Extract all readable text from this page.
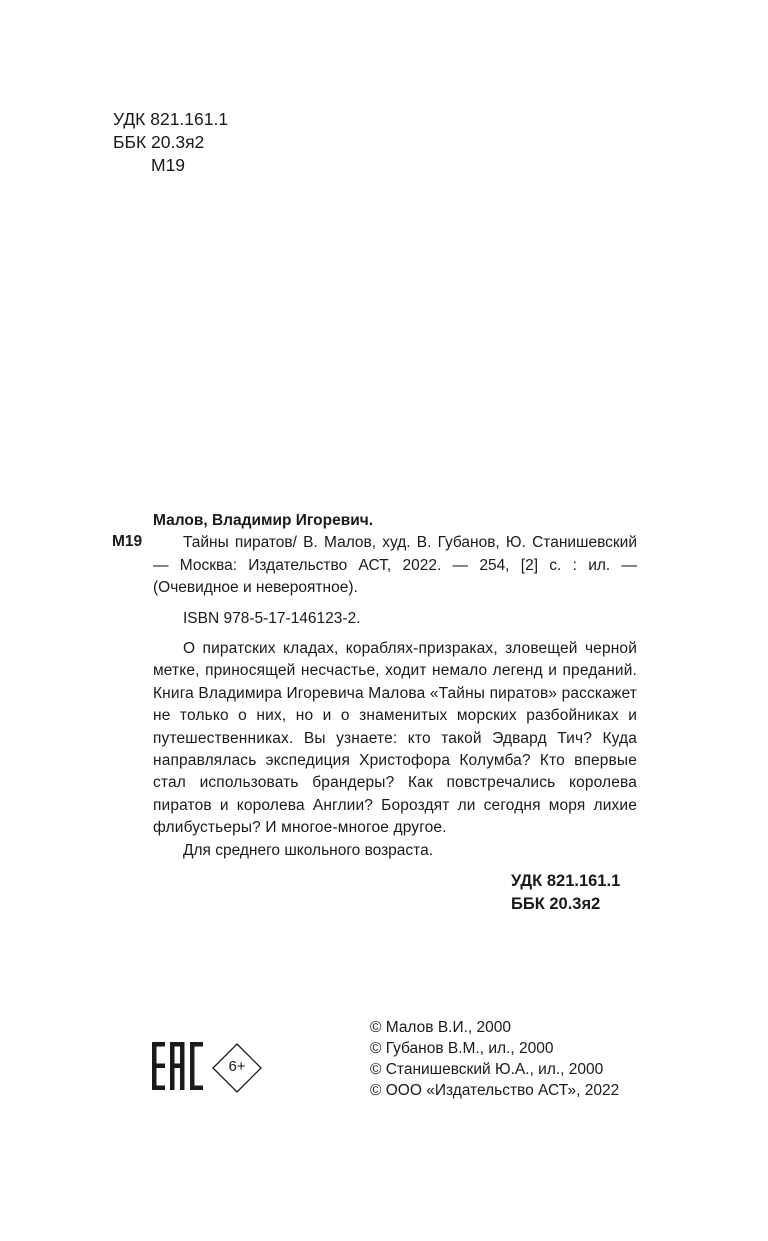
УДК 821.161.1
ББК 20.3я2
М19
М19
Малов, Владимир Игоревич.
Тайны пиратов/ В. Малов, худ. В. Губанов, Ю. Станишевский — Москва: Издательство АСТ, 2022. — 254, [2] с. : ил. — (Очевидное и невероятное).
ISBN 978-5-17-146123-2.
О пиратских кладах, кораблях-призраках, зловещей черной метке, приносящей несчастье, ходит немало легенд и преданий. Книга Владимира Игоревича Малова «Тайны пиратов» расскажет не только о них, но и о знаменитых морских разбойниках и путешественниках. Вы узнаете: кто такой Эдвард Тич? Куда направлялась экспедиция Христофора Колумба? Кто впервые стал использовать брандеры? Как повстречались королева пиратов и королева Англии? Бороздят ли сегодня моря лихие флибустьеры? И многое-многое другое.
Для среднего школьного возраста.
УДК 821.161.1
ББК 20.3я2
6+
© Малов В.И., 2000
© Губанов В.М., ил., 2000
© Станишевский Ю.А., ил., 2000
© ООО «Издательство АСТ», 2022
